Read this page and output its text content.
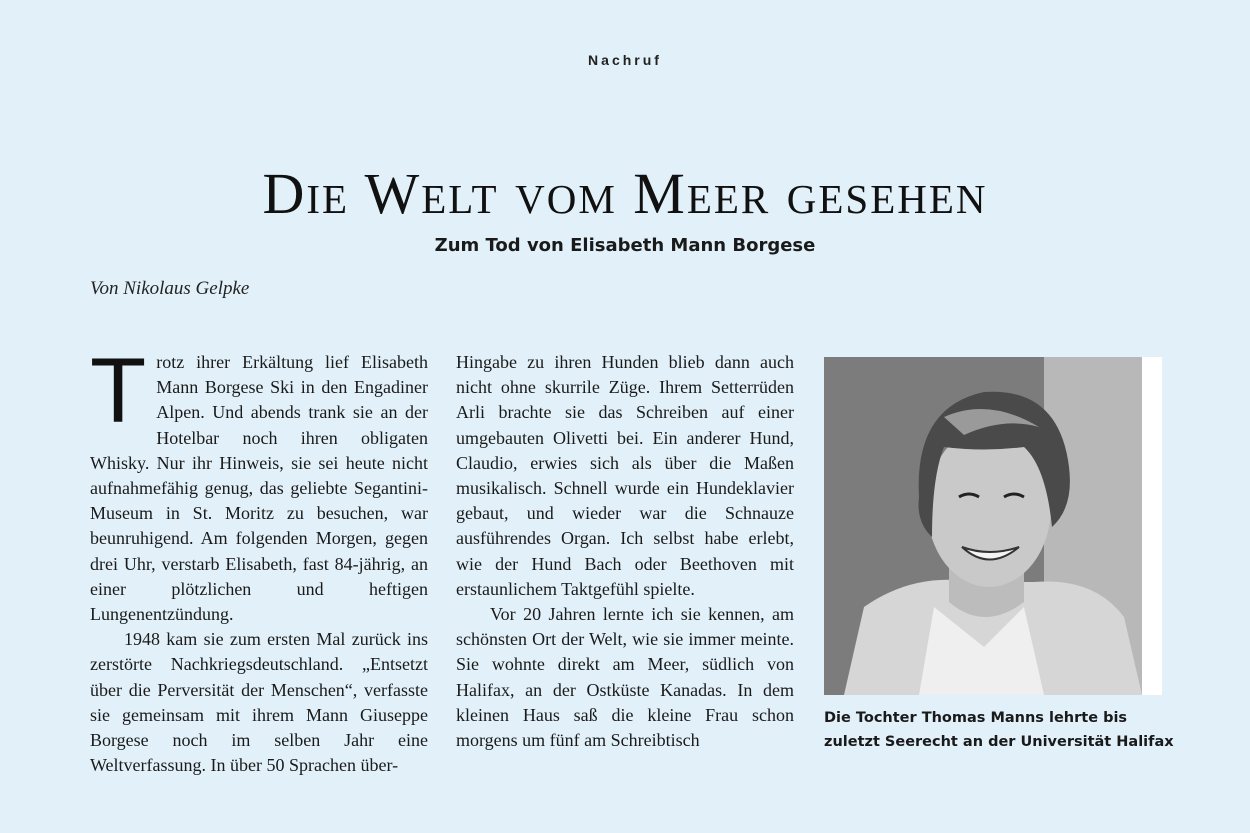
Nachruf
Die Welt vom Meer gesehen
Zum Tod von Elisabeth Mann Borgese
Von Nikolaus Gelpke

Trotz ihrer Erkältung lief Elisabeth Mann Borgese Ski in den Engadiner Alpen. Und abends trank sie an der Hotelbar noch ihren obligaten Whisky. Nur ihr Hinweis, sie sei heute nicht aufnahmefähig genug, das geliebte Segantini-Museum in St. Moritz zu besuchen, war beunruhigend. Am folgenden Morgen, gegen drei Uhr, verstarb Elisabeth, fast 84-jährig, an einer plötzlichen und heftigen Lungenentzündung.

1948 kam sie zum ersten Mal zurück ins zerstörte Nachkriegsdeutschland. „Entsetzt über die Perversität der Menschen“, verfasste sie gemeinsam mit ihrem Mann Giuseppe Borgese noch im selben Jahr eine Weltverfassung. In über 50 Sprachen über-

Hingabe zu ihren Hunden blieb dann auch nicht ohne skurrile Züge. Ihrem Setterrüden Arli brachte sie das Schreiben auf einer umgebauten Olivetti bei. Ein anderer Hund, Claudio, erwies sich als über die Maßen musikalisch. Schnell wurde ein Hundeklavier gebaut, und wieder war die Schnauze ausführendes Organ. Ich selbst habe erlebt, wie der Hund Bach oder Beethoven mit erstaunlichem Taktgefühl spielte.

Vor 20 Jahren lernte ich sie kennen, am schönsten Ort der Welt, wie sie immer meinte. Sie wohnte direkt am Meer, südlich von Halifax, an der Ostküste Kanadas. In dem kleinen Haus saß die kleine Frau schon morgens um fünf am Schreibtisch

Die Tochter Thomas Manns lehrte bis zuletzt Seerecht an der Universität Halifax
